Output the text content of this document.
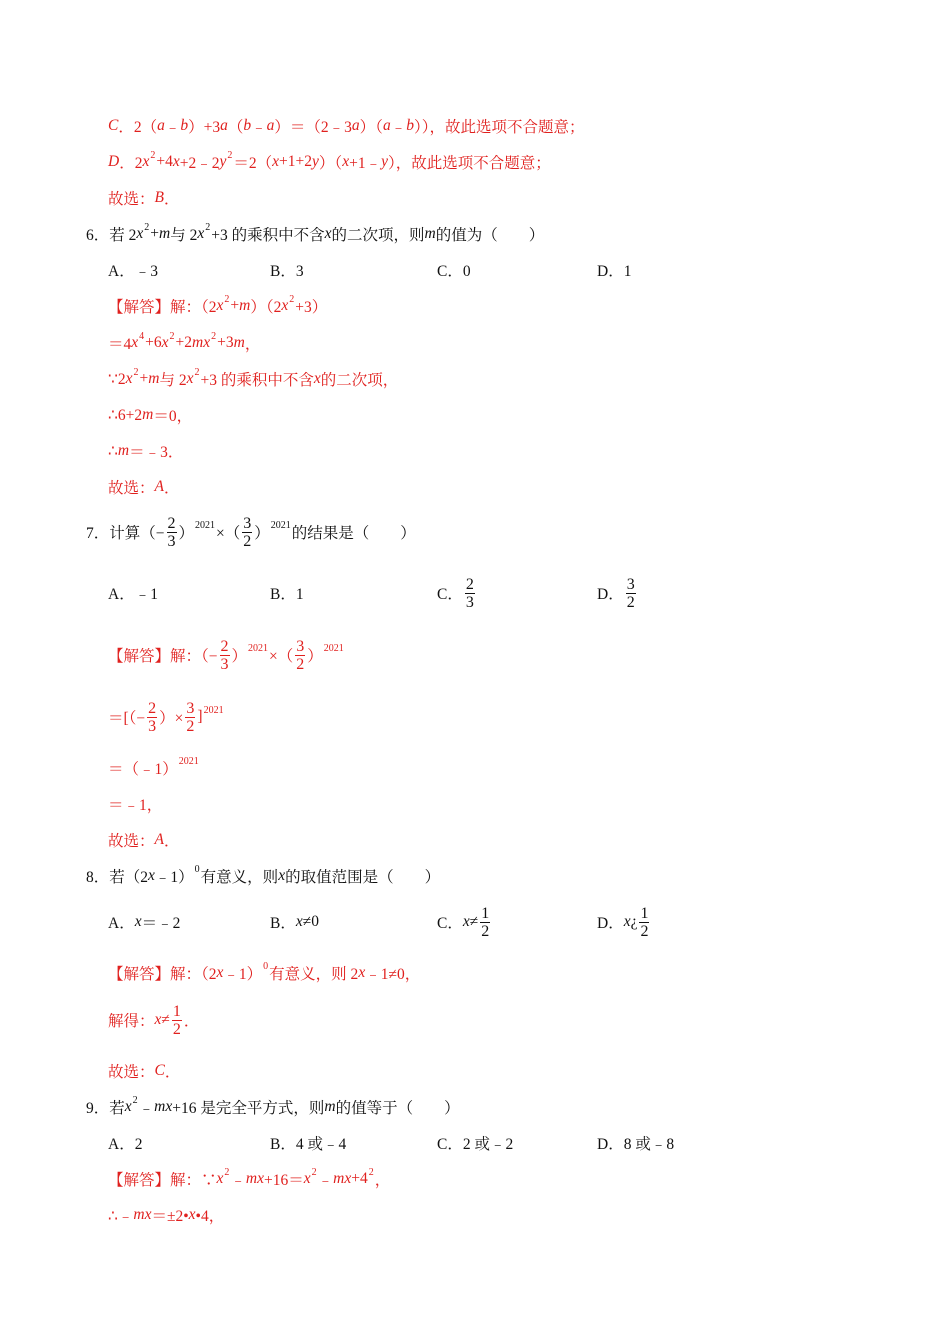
C ．2（ a ﹣ b ）+3 a （ b ﹣ a ）＝（2﹣3 a ）（ a ﹣ b ）），故此选项不合题意；
D ．2 x 2 +4 x +2﹣2 y 2 ＝2（ x +1+2 y ）（ x +1﹣ y ），故此选项不合题意；
故选： B ．
6．若 2 x 2 + m 与 2 x 2 +3 的乘积中不含 x 的二次项，则 m 的值为（　　）
A．﹣3	B．3	C．0	D．1
【解答】解：（2 x 2 + m ）（2 x 2 +3）
＝4 x 4 +6 x 2 +2 mx 2 +3 m ，
∵2 x 2 + m 与 2 x 2 +3 的乘积中不含 x 的二次项，
∴6+2 m ＝0，
∴ m ＝﹣3．
故选： A ．
7．计算（− $\frac{2}{3}$ ） 2021 ×（ $\frac{3}{2}$ ） 2021 的结果是（　　）
A．﹣1	B．1	C． $\frac{2}{3}$	D． $\frac{3}{2}$
【解答】解：（− $\frac{2}{3}$ ） 2021 ×（ $\frac{3}{2}$ ） 2021
＝[（− $\frac{2}{3}$ ）× $\frac{3}{2}$ ] 2021
＝（﹣1） 2021
＝﹣1，
故选： A ．
8．若（2 x ﹣1） 0 有意义，则 x 的取值范围是（　　）
A． x ＝﹣2	B． x ≠0	C． $x \ne \frac{1}{2}$	D． x ¿ $\frac{1}{2}$
【解答】解：（2 x ﹣1） 0 有意义，则 2 x ﹣1≠0，
解得： $x \ne \frac{1}{2}$ ．
故选： C ．
9．若 x 2 ﹣ mx +16 是完全平方式，则 m 的值等于（　　）
A．2	B．4 或﹣4	C．2 或﹣2	D．8 或﹣8
【解答】解：∵ x 2 ﹣ mx +16＝ x 2 ﹣ mx +4 2 ，
∴﹣ mx ＝±2• x •4，
